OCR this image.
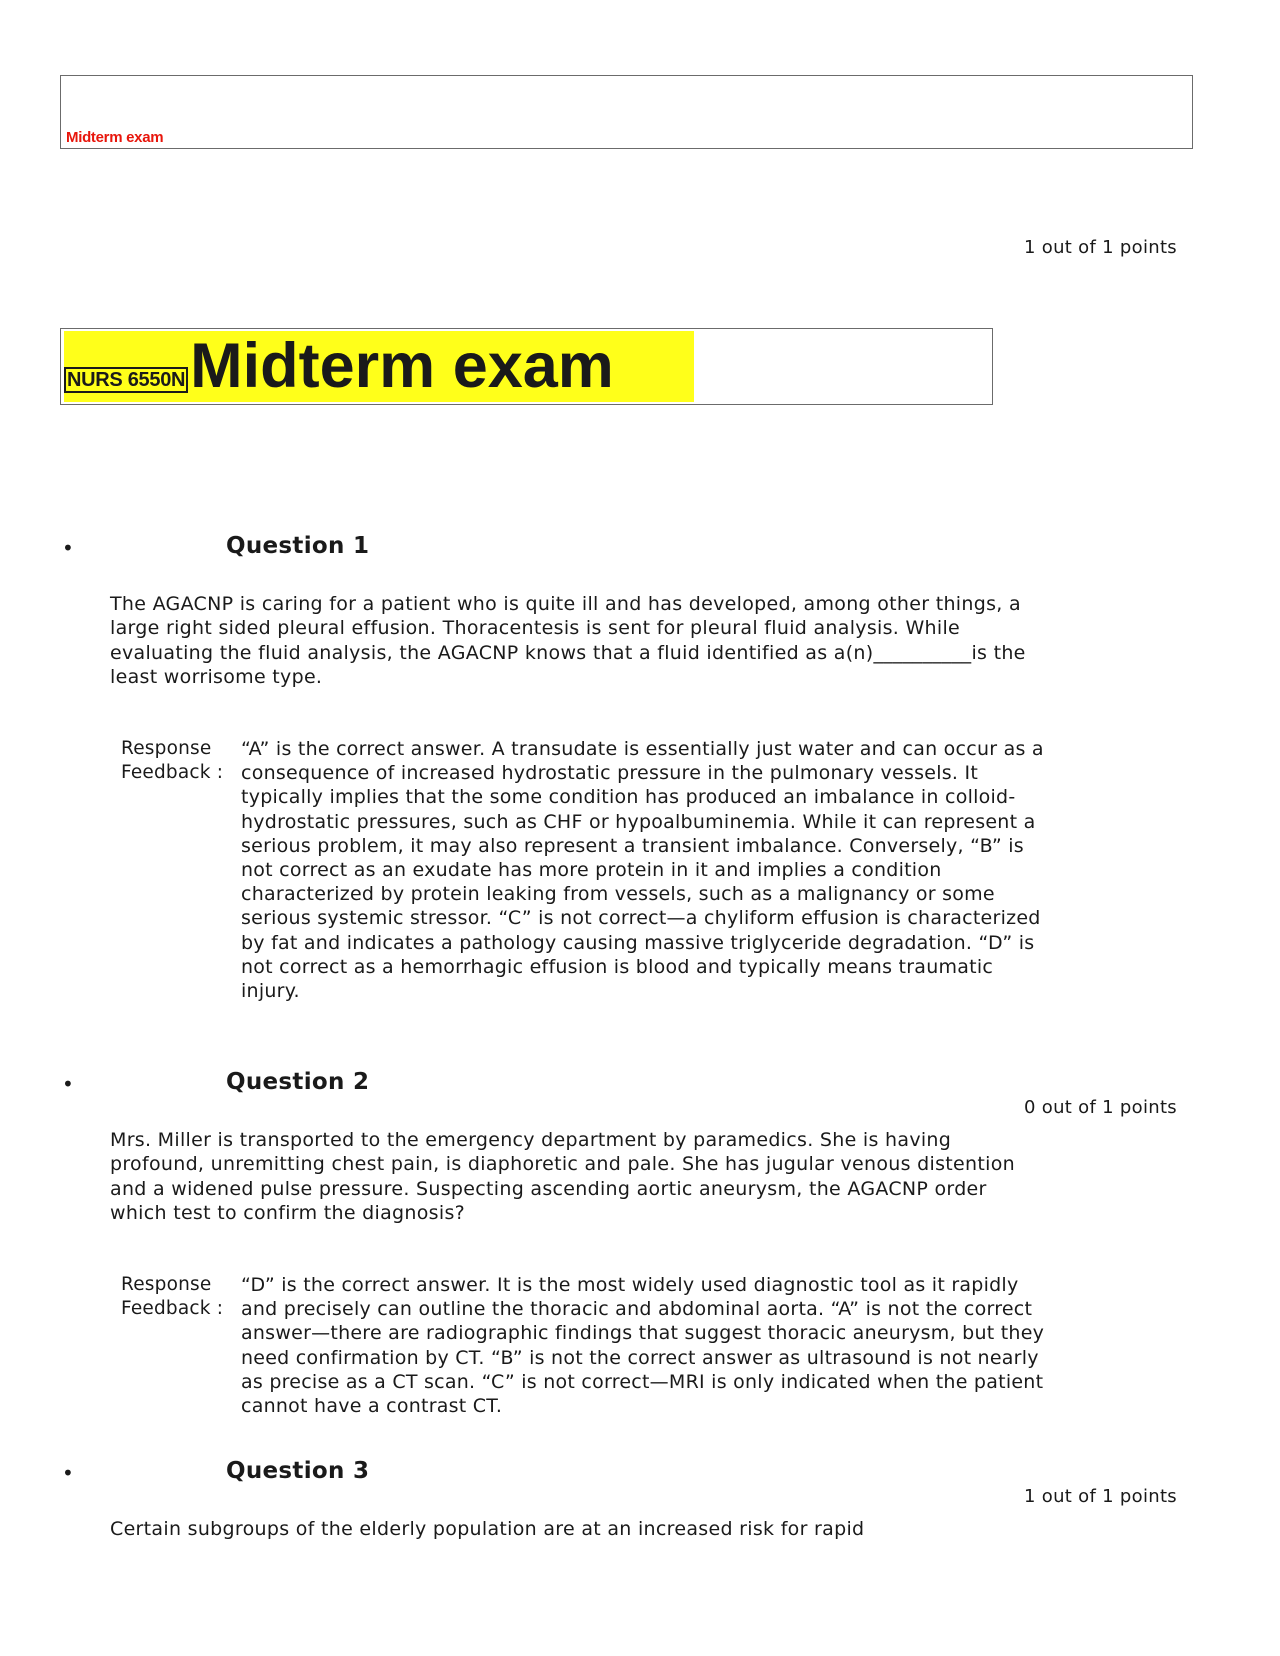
Midterm exam
1 out of 1 points
NURS 6550N Midterm exam
•	Question 1

The AGACNP is caring for a patient who is quite ill and has developed, among other things, a large right sided pleural effusion. Thoracentesis is sent for pleural fluid analysis. While evaluating the fluid analysis, the AGACNP knows that a fluid identified as a(n)__________is the least worrisome type.

Response Feedback :

“A” is the correct answer. A transudate is essentially just water and can occur as a consequence of increased hydrostatic pressure in the pulmonary vessels. It typically implies that the some condition has produced an imbalance in colloid-hydrostatic pressures, such as CHF or hypoalbuminemia. While it can represent a serious problem, it may also represent a transient imbalance. Conversely, “B” is not correct as an exudate has more protein in it and implies a condition characterized by protein leaking from vessels, such as a malignancy or some serious systemic stressor. “C” is not correct—a chyliform effusion is characterized by fat and indicates a pathology causing massive triglyceride degradation. “D” is not correct as a hemorrhagic effusion is blood and typically means traumatic injury.

•	Question 2
0 out of 1 points

Mrs. Miller is transported to the emergency department by paramedics. She is having profound, unremitting chest pain, is diaphoretic and pale. She has jugular venous distention and a widened pulse pressure. Suspecting ascending aortic aneurysm, the AGACNP order which test to confirm the diagnosis?

Response Feedback :

“D” is the correct answer. It is the most widely used diagnostic tool as it rapidly and precisely can outline the thoracic and abdominal aorta. “A” is not the correct answer—there are radiographic findings that suggest thoracic aneurysm, but they need confirmation by CT. “B” is not the correct answer as ultrasound is not nearly as precise as a CT scan. “C” is not correct—MRI is only indicated when the patient cannot have a contrast CT.

•	Question 3
1 out of 1 points

Certain subgroups of the elderly population are at an increased risk for rapid
